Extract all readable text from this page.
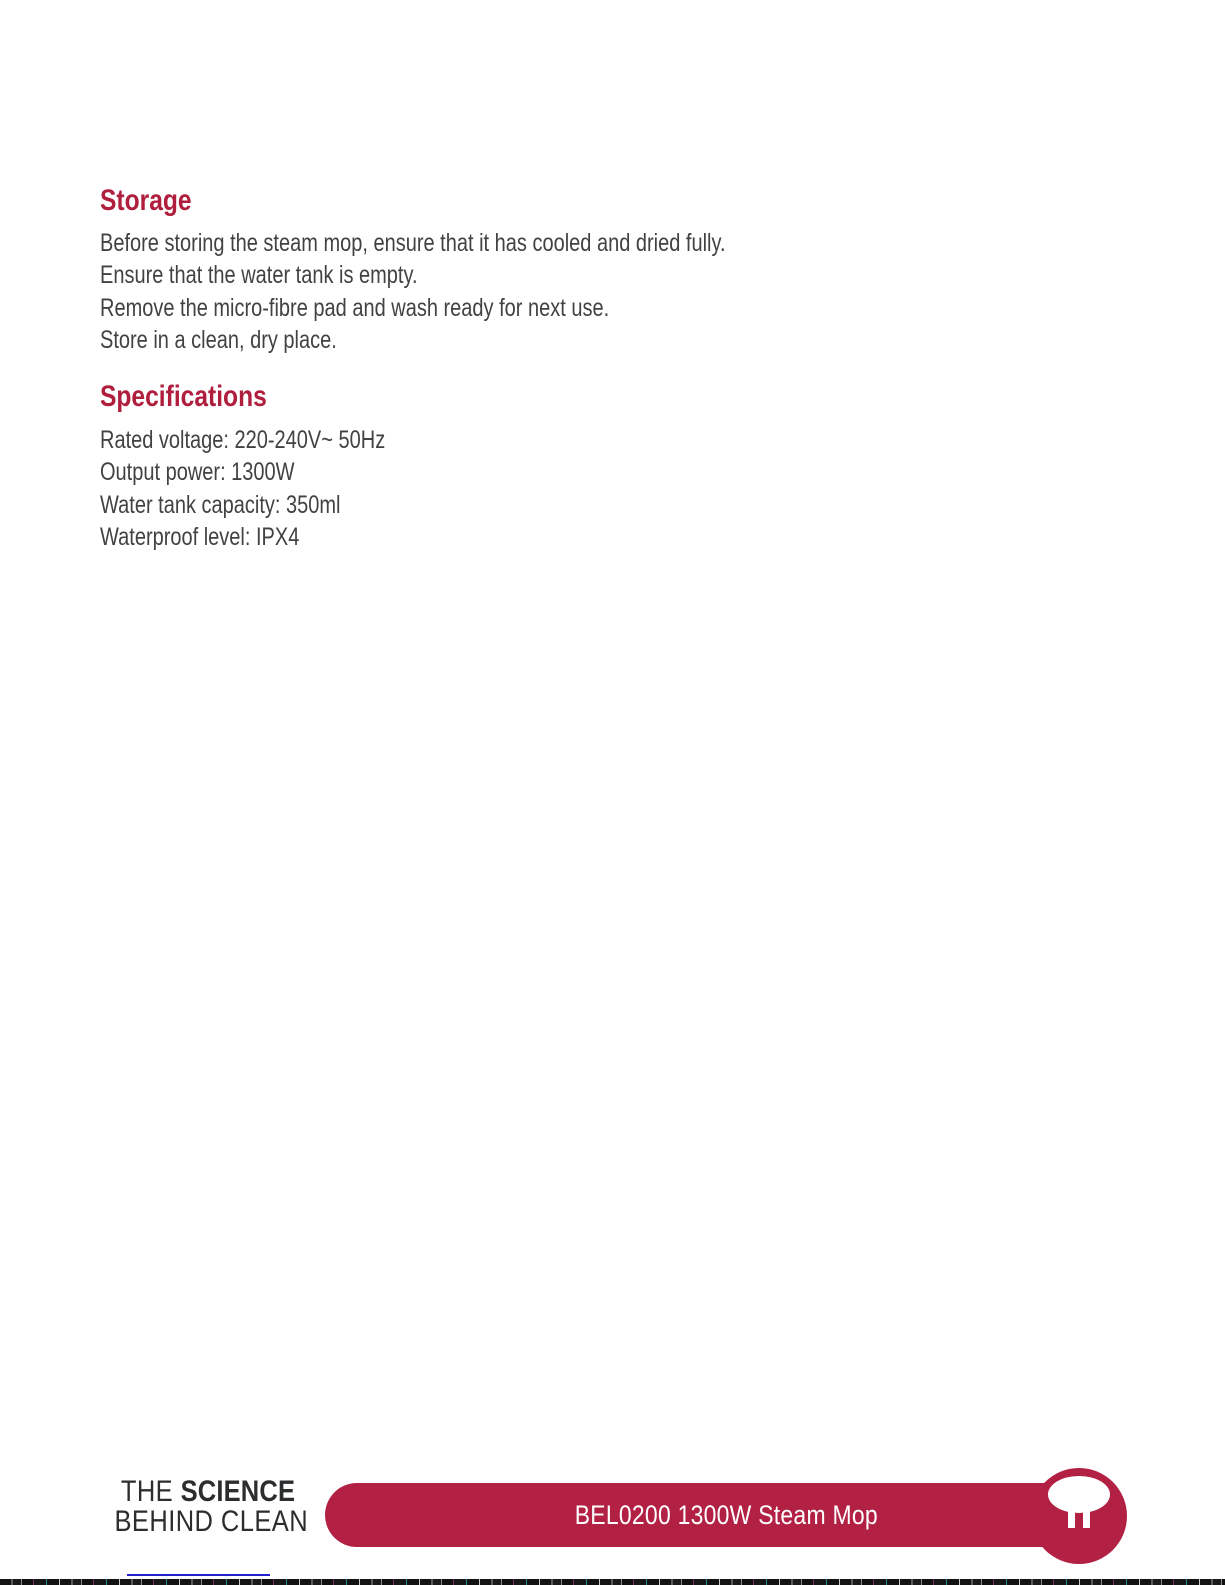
Storage
Before storing the steam mop, ensure that it has cooled and dried fully.
Ensure that the water tank is empty.
Remove the micro-fibre pad and wash ready for next use.
Store in a clean, dry place.
Specifications
Rated voltage: 220-240V~ 50Hz
Output power: 1300W
Water tank capacity: 350ml
Waterproof level: IPX4
THE SCIENCE
BEHIND CLEAN	BEL0200 1300W Steam Mop
